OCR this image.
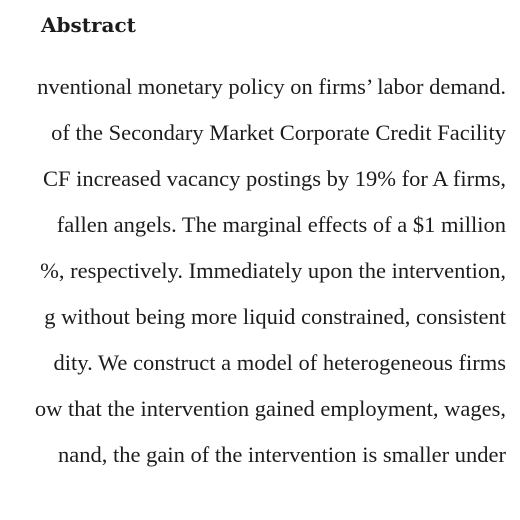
Abstract
nventional monetary policy on firms’ labor demand.
of the Secondary Market Corporate Credit Facility
CF increased vacancy postings by 19% for A firms,
fallen angels. The marginal effects of a $1 million
%, respectively. Immediately upon the intervention,
g without being more liquid constrained, consistent
dity. We construct a model of heterogeneous firms
ow that the intervention gained employment, wages,
nand, the gain of the intervention is smaller under
